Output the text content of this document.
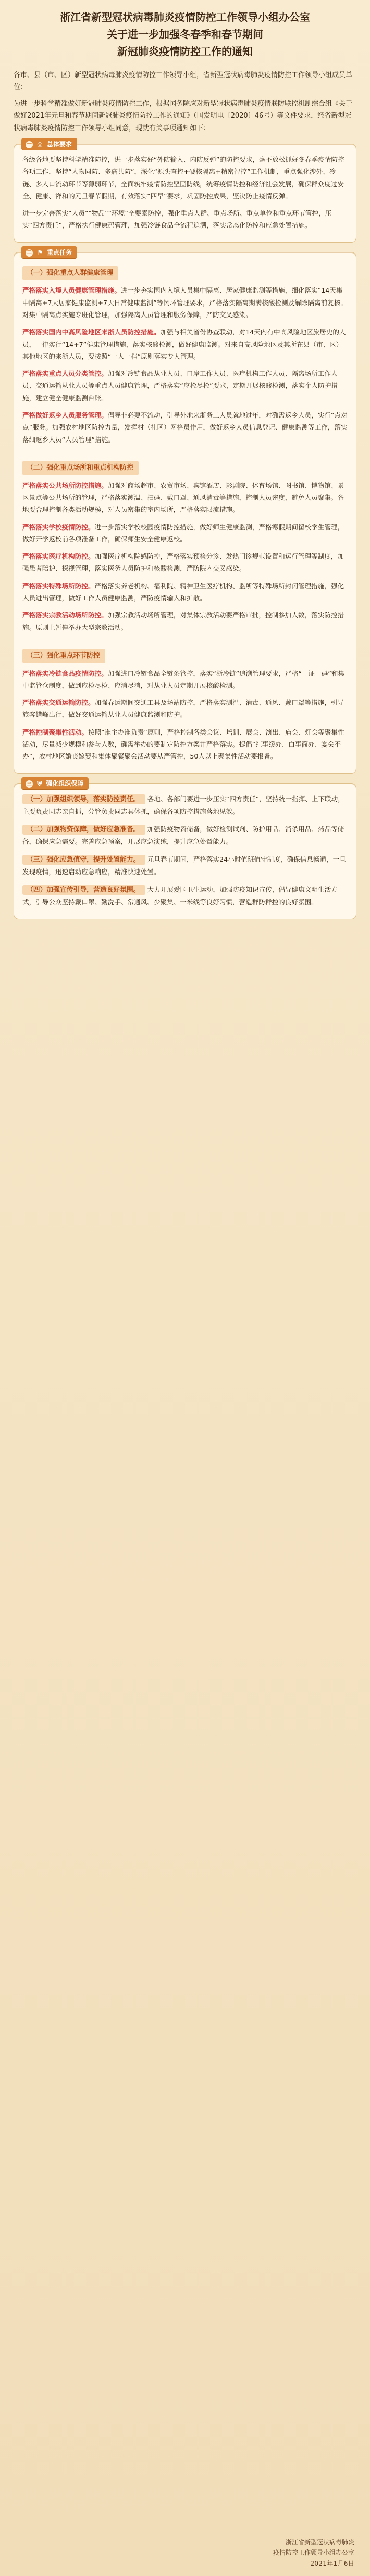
浙江省新型冠状病毒肺炎疫情防控工作领导小组办公室
关于进一步加强冬春季和春节期间
新冠肺炎疫情防控工作的通知

各市、县（市、区）新型冠状病毒肺炎疫情防控工作领导小组，省新型冠状病毒肺炎疫情防控工作领导小组成员单位：

为进一步科学精准做好新冠肺炎疫情防控工作，根据国务院应对新型冠状病毒肺炎疫情联防联控机制综合组《关于做好2021年元旦和春节期间新冠肺炎疫情防控工作的通知》（国发明电〔2020〕46号）等文件要求，经省新型冠状病毒肺炎疫情防控工作领导小组同意，现就有关事项通知如下：

一 ◎ 总体要求

各级各地要坚持科学精准防控，进一步落实好“外防输入、内防反弹”的防控要求，毫不放松抓好冬春季疫情防控各项工作，坚持“人物同防、多病共防”，深化“源头查控+硬核隔离+精密智控”工作机制，重点强化涉外、冷链、多人口流动环节等薄弱环节，全面筑牢疫情防控坚固防线，统筹疫情防控和经济社会发展，确保群众度过安全、健康、祥和的元旦春节假期，有效落实“四早”要求，巩固防控成果，坚决防止疫情反弹。

进一步完善落实“人员”“物品”“环境”全要素防控，强化重点人群、重点场所、重点单位和重点环节管控，压实“四方责任”，严格执行健康码管理，加强冷链食品全流程追溯，落实常态化防控和应急处置措施。

二 ⚑ 重点任务
（一）强化重点人群健康管理

严格落实入境人员健康管理措施。进一步夯实国内入境人员集中隔离、居家健康监测等措施，细化落实“14天集中隔离+7天居家健康监测+7天日常健康监测”等闭环管理要求，严格落实隔离期满核酸检测及解除隔离前复核。对集中隔离点实施专班化管理，加强隔离人员管理和服务保障，严防交叉感染。

严格落实国内中高风险地区来浙人员防控措施。加强与相关省份协查联动，对14天内有中高风险地区旅居史的人员，一律实行“14+7”健康管理措施，落实核酸检测，做好健康监测。对来自高风险地区及其所在县（市、区）其他地区的来浙人员，要按照“一人一档”原则落实专人管理。

严格落实重点人员分类管控。加强对冷链食品从业人员、口岸工作人员、医疗机构工作人员、隔离场所工作人员、交通运输从业人员等重点人员健康管理，严格落实“应检尽检”要求，定期开展核酸检测，落实个人防护措施，建立健全健康监测台账。

严格做好返乡人员服务管理。倡导非必要不流动，引导外地来浙务工人员就地过年，对确需返乡人员，实行“点对点”服务。加强农村地区防控力量，发挥村（社区）网格员作用，做好返乡人员信息登记、健康监测等工作，落实落细返乡人员“人员管理”措施。

（二）强化重点场所和重点机构防控

严格落实公共场所防控措施。加强对商场超市、农贸市场、宾馆酒店、影剧院、体育场馆、图书馆、博物馆、景区景点等公共场所的管理，严格落实测温、扫码、戴口罩、通风消毒等措施，控制人员密度，避免人员聚集。各地要合理控制各类活动规模，对人员密集的室内场所，严格落实限流措施。

严格落实学校疫情防控。进一步落实学校校园疫情防控措施，做好师生健康监测，严格寒假期间留校学生管理，做好开学返校前各项准备工作，确保师生安全健康返校。

严格落实医疗机构防控。加强医疗机构院感防控，严格落实预检分诊、发热门诊规范设置和运行管理等制度，加强患者陪护、探视管理，落实医务人员防护和核酸检测，严防院内交叉感染。

严格落实特殊场所防控。严格落实养老机构、福利院、精神卫生医疗机构、监所等特殊场所封闭管理措施，强化人员进出管理，做好工作人员健康监测，严防疫情输入和扩散。

严格落实宗教活动场所防控。加强宗教活动场所管理，对集体宗教活动要严格审批，控制参加人数，落实防控措施。原则上暂停举办大型宗教活动。

（三）强化重点环节防控

严格落实冷链食品疫情防控。加强进口冷链食品全链条管控，落实“浙冷链”追溯管理要求，严格“一证一码”和集中监管仓制度，做到应检尽检、应消尽消，对从业人员定期开展核酸检测。

严格落实交通运输防控。加强春运期间交通工具及场站防控，严格落实测温、消毒、通风、戴口罩等措施，引导旅客错峰出行，做好交通运输从业人员健康监测和防护。

严格控制聚集性活动。按照“谁主办谁负责”原则，严格控制各类会议、培训、展会、演出、庙会、灯会等聚集性活动，尽量减少规模和参与人数，确需举办的要制定防控方案并严格落实。提倡“红事缓办、白事简办、宴会不办”，农村地区婚丧嫁娶和集体聚餐聚会活动要从严管控，50人以上聚集性活动要报备。

三 ⛨ 强化组织保障

（一）加强组织领导，落实防控责任。 各地、各部门要进一步压实“四方责任”，坚持统一指挥、上下联动，主要负责同志亲自抓，分管负责同志具体抓，确保各项防控措施落地见效。

（二）加强物资保障，做好应急准备。 加强防疫物资储备，做好检测试剂、防护用品、消杀用品、药品等储备，确保应急需要。完善应急预案，开展应急演练，提升应急处置能力。

（三）强化应急值守，提升处置能力。 元旦春节期间，严格落实24小时值班值守制度，确保信息畅通，一旦发现疫情，迅速启动应急响应，精准快速处置。

（四）加强宣传引导，营造良好氛围。 大力开展爱国卫生运动，加强防疫知识宣传，倡导健康文明生活方式，引导公众坚持戴口罩、勤洗手、常通风、少聚集、一米线等良好习惯，营造群防群控的良好氛围。

浙江省新型冠状病毒肺炎
疫情防控工作领导小组办公室
2021年1月6日
